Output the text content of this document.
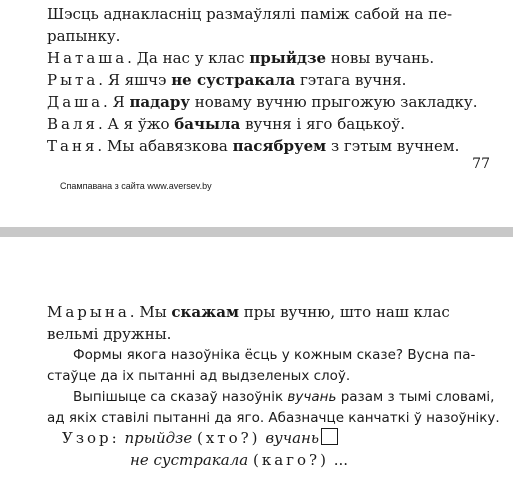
Шэсць аднакласніц размаўлялі паміж сабой на пе-
рапынку.
Наташа. Да нас у клас прыйдзе новы вучань.
Рыта. Я яшчэ не сустракала гэтага вучня.
Даша. Я падару новаму вучню прыгожую закладку.
Валя. А я ўжо бачыла вучня і яго бацькоў.
Таня. Мы абавязкова пасябруем з гэтым вучнем.
77
Спампавана з сайта www.aversev.by
Марына. Мы скажам пры вучню, што наш клас
вельмі дружны.

Формы якога назоўніка ёсць у кожным сказе? Вусна па-

стаўце да іх пытанні ад выдзеленых слоў.

Выпішыце са сказаў назоўнік вучань разам з тымі словамі,

ад якіх ставілі пытанні да яго. Абазначце канчаткі ў назоўніку.

Узор: прыйдзе (хто?) вучань
не сустракала (каго?) ...
